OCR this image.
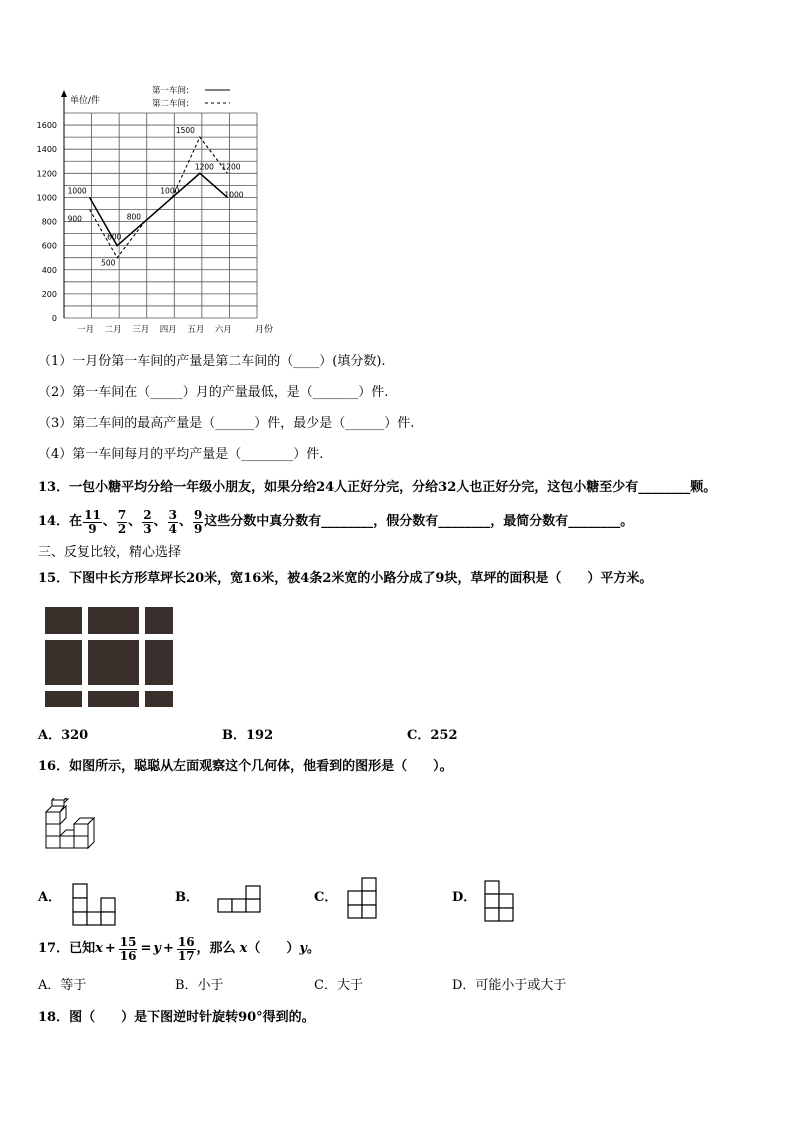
0
200
400
600
800
1000
1200
1400
1600
一月 二月 三月 四月 五月 六月
1000
600
800
1000
1200
1000
900
500
1500
1200
单位/件
月份
第一车间:
第二车间:
（1）一月份第一车间的产量是第二车间的（____）(填分数).
（2）第一车间在（_____）月的产量最低，是（_______）件.
（3）第二车间的最高产量是（______）件，最少是（______）件.
（4）第一车间每月的平均产量是（________）件.
13．一包小糖平均分给一年级小朋友，如果分给24人正好分完，分给32人也正好分完，这包小糖至少有________颗。
14．在 $\frac{11}{9}$ 、 $\frac{7}{2}$ 、 $\frac{2}{3}$ 、 $\frac{3}{4}$ 、 $\frac{9}{9}$ 这些分数中真分数有________，假分数有________，最简分数有________。
三、反复比较，精心选择
15．下图中长方形草坪长20米，宽16米，被4条2米宽的小路分成了9块，草坪的面积是（　　）平方米。
A．320	B．192	C．252
16．如图所示，聪聪从左面观察这个几何体，他看到的图形是（　　）。
A．	B．	C．	D．
17．已知 $x + \frac{15}{16} = y + \frac{16}{17}$ ，那么 x （　　） y 。
A．等于	B．小于	C．大于	D．可能小于或大于
18．图（　　）是下图逆时针旋转90°得到的。
